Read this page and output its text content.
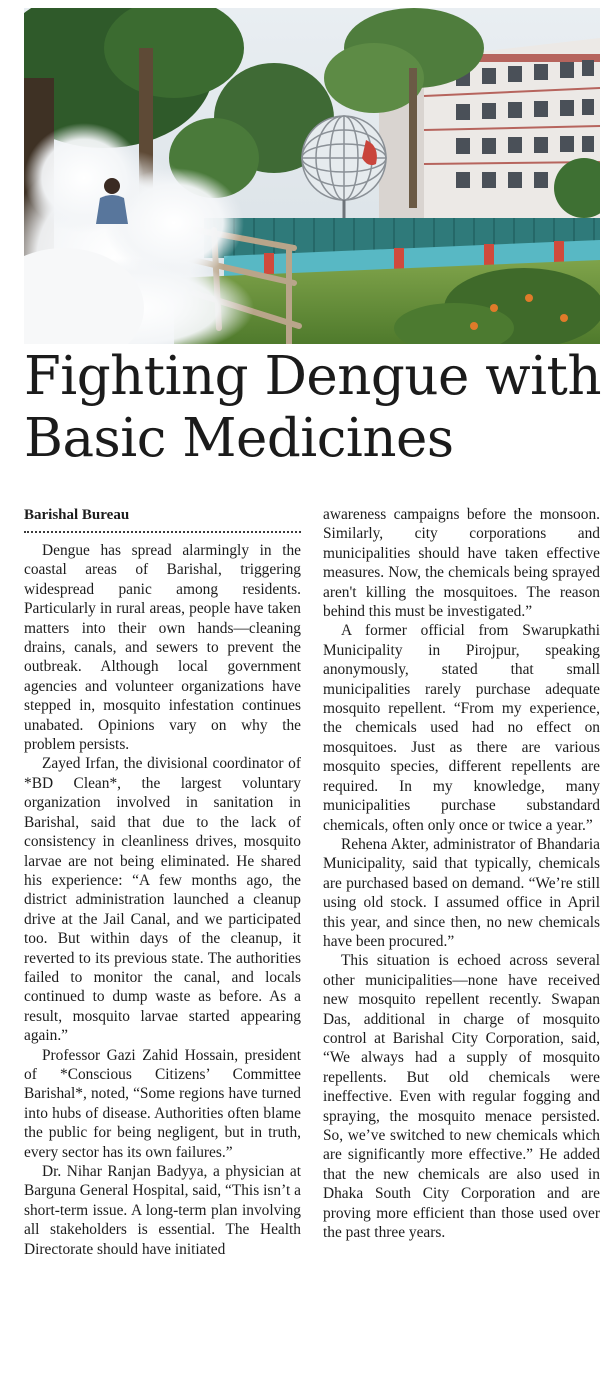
Fighting Dengue with
Basic Medicines
Barishal Bureau

Dengue has spread alarmingly in the coastal areas of Barishal, triggering widespread panic among residents. Particularly in rural areas, people have taken matters into their own hands—cleaning drains, canals, and sewers to prevent the outbreak. Although local government agencies and volunteer organizations have stepped in, mosquito infestation continues unabated. Opinions vary on why the problem persists.

Zayed Irfan, the divisional coordinator of *BD Clean*, the largest voluntary organization involved in sanitation in Barishal, said that due to the lack of consistency in cleanliness drives, mosquito larvae are not being eliminated. He shared his experience: “A few months ago, the district administration launched a cleanup drive at the Jail Canal, and we participated too. But within days of the cleanup, it reverted to its previous state. The authorities failed to monitor the canal, and locals continued to dump waste as before. As a result, mosquito larvae started appearing again.”

Professor Gazi Zahid Hossain, president of *Conscious Citizens’ Committee Barishal*, noted, “Some regions have turned into hubs of disease. Authorities often blame the public for being negligent, but in truth, every sector has its own failures.”

Dr. Nihar Ranjan Badyya, a physician at Barguna General Hospital, said, “This isn’t a short-term issue. A long-term plan involving all stakeholders is essential. The Health Directorate should have initiated

awareness campaigns before the monsoon. Similarly, city corporations and municipalities should have taken effective measures. Now, the chemicals being sprayed aren't killing the mosquitoes. The reason behind this must be investigated.”

A former official from Swarupkathi Municipality in Pirojpur, speaking anonymously, stated that small municipalities rarely purchase adequate mosquito repellent. “From my experience, the chemicals used had no effect on mosquitoes. Just as there are various mosquito species, different repellents are required. In my knowledge, many municipalities purchase substandard chemicals, often only once or twice a year.”

Rehena Akter, administrator of Bhandaria Municipality, said that typically, chemicals are purchased based on demand. “We’re still using old stock. I assumed office in April this year, and since then, no new chemicals have been procured.”

This situation is echoed across several other municipalities—none have received new mosquito repellent recently. Swapan Das, additional in charge of mosquito control at Barishal City Corporation, said, “We always had a supply of mosquito repellents. But old chemicals were ineffective. Even with regular fogging and spraying, the mosquito menace persisted. So, we’ve switched to new chemicals which are significantly more effective.” He added that the new chemicals are also used in Dhaka South City Corporation and are proving more efficient than those used over the past three years.
